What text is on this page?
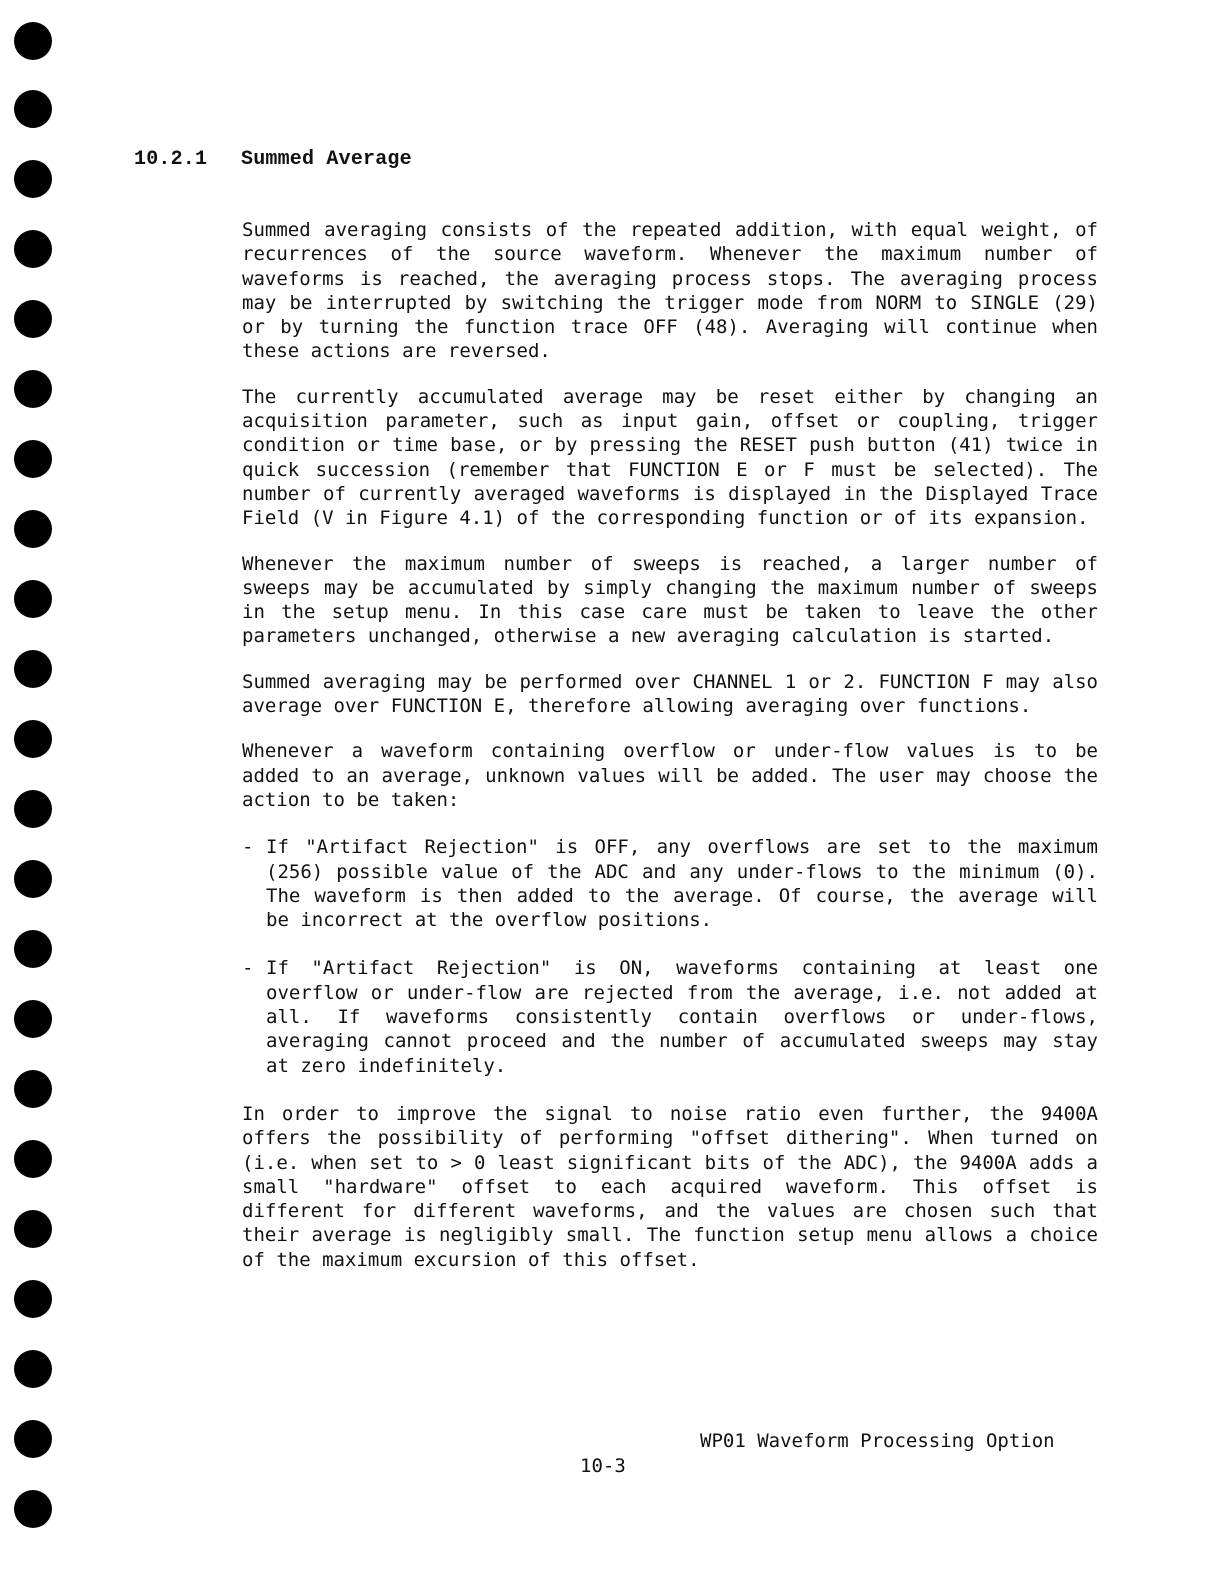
10.2.1 Summed Average

Summed averaging consists of the repeated addition, with equal weight, of recurrences of the source waveform. Whenever the maximum number of waveforms is reached, the averaging process stops. The averaging process may be interrupted by switching the trigger mode from NORM to SINGLE (29) or by turning the function trace OFF (48). Averaging will continue when these actions are reversed.

The currently accumulated average may be reset either by changing an acquisition parameter, such as input gain, offset or coupling, trigger condition or time base, or by pressing the RESET push button (41) twice in quick succession (remember that FUNCTION E or F must be selected). The number of currently averaged waveforms is displayed in the Displayed Trace Field (V in Figure 4.1) of the corresponding function or of its expansion.

Whenever the maximum number of sweeps is reached, a larger number of sweeps may be accumulated by simply changing the maximum number of sweeps in the setup menu. In this case care must be taken to leave the other parameters unchanged, otherwise a new averaging calculation is started.

Summed averaging may be performed over CHANNEL 1 or 2. FUNCTION F may also average over FUNCTION E, therefore allowing averaging over functions.

Whenever a waveform containing overflow or under-flow values is to be added to an average, unknown values will be added. The user may choose the action to be taken:

- If "Artifact Rejection" is OFF, any overflows are set to the maximum (256) possible value of the ADC and any under-flows to the minimum (0). The waveform is then added to the average. Of course, the average will be incorrect at the overflow positions.
- If "Artifact Rejection" is ON, waveforms containing at least one overflow or under-flow are rejected from the average, i.e. not added at all. If waveforms consistently contain overflows or under-flows, averaging cannot proceed and the number of accumulated sweeps may stay at zero indefinitely.

In order to improve the signal to noise ratio even further, the 9400A offers the possibility of performing "offset dithering". When turned on (i.e. when set to > 0 least significant bits of the ADC), the 9400A adds a small "hardware" offset to each acquired waveform. This offset is different for different waveforms, and the values are chosen such that their average is negligibly small. The function setup menu allows a choice of the maximum excursion of this offset.

WP01 Waveform Processing Option
10-3
